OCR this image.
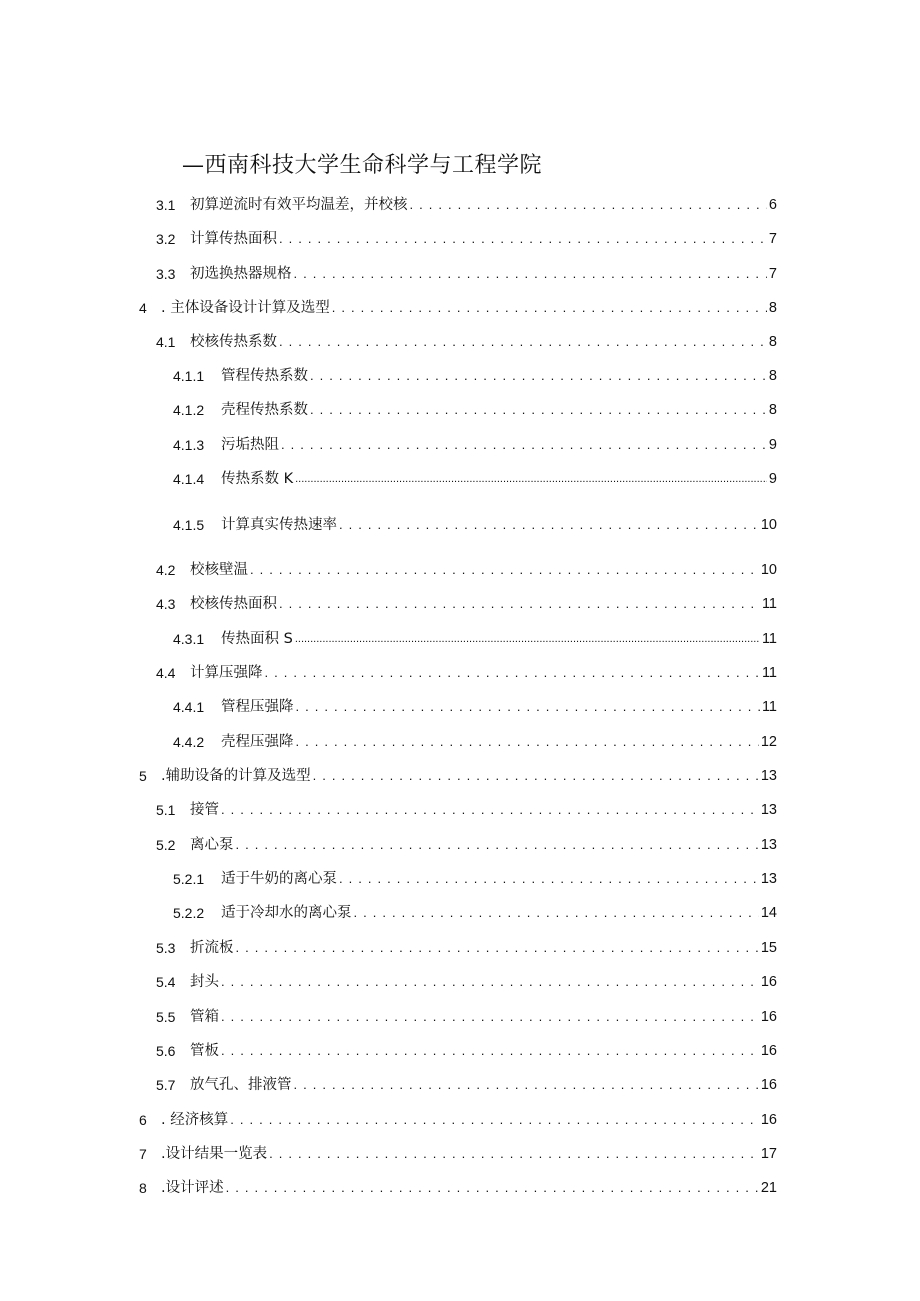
—西南科技大学生命科学与工程学院
3.1	初算逆流时有效平均温差，并校核 . . .	6
3.2	计算传热面积 . . .	7
3.3	初选换热器规格 . . .	7
4 . 主体设备设计计算及选型 . . .	8
4.1	校核传热系数 . . .	8
4.1.1	管程传热系数 . . .	8
4.1.2	壳程传热系数 . . .	8
4.1.3	污垢热阻 . . .	9
4.1.4	传热系数 K .....	9
4.1.5	计算真实传热速率 . . .	10
4.2	校核壁温 . . .	10
4.3	校核传热面积 . . .	11
4.3.1	传热面积 S .....	11
4.4	计算压强降 . . .	11
4.4.1	管程压强降 . . .	11
4.4.2	壳程压强降 . . .	12
5 .辅助设备的计算及选型 . . .	13
5.1	接管 . . .	13
5.2	离心泵 . . .	13
5.2.1	适于牛奶的离心泵 . . .	13
5.2.2	适于冷却水的离心泵 . . .	14
5.3	折流板 . . .	15
5.4	封头 . . .	16
5.5	管箱 . . .	16
5.6	管板 . . .	16
5.7	放气孔、排液管 . . .	16
6 . 经济核算 . . .	16
7 .设计结果一览表 . . .	17
8 .设计评述 . . .	21
